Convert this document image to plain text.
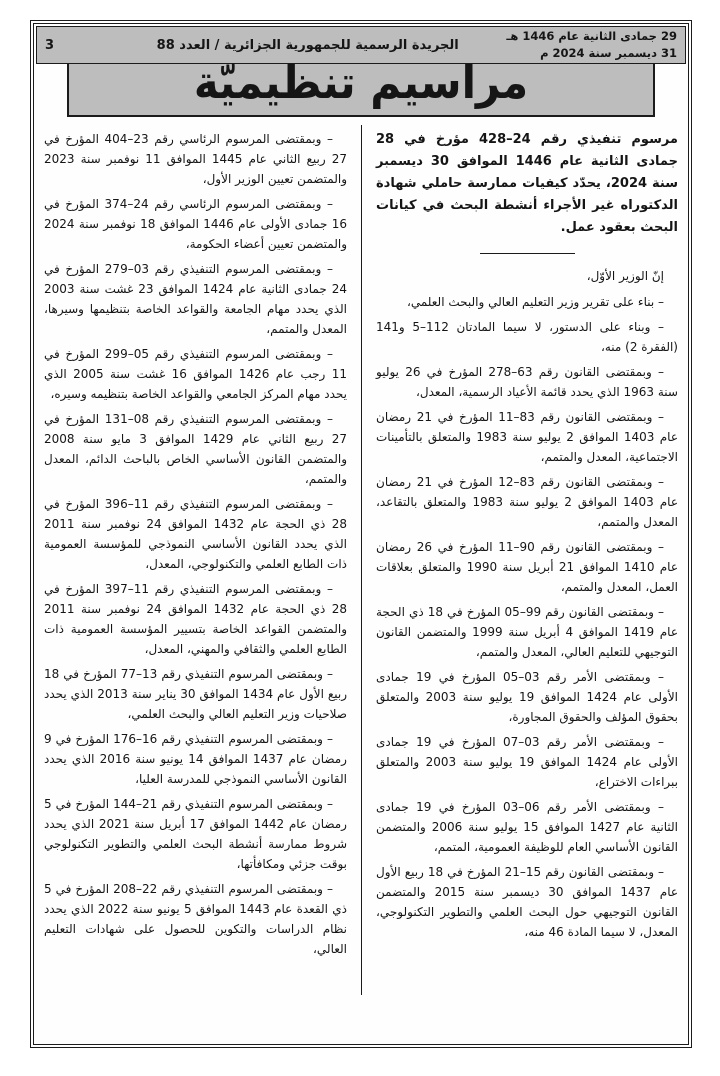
29 جمادى الثانية عام 1446 هـ
31 ديسمبر سنة 2024 م
الجريدة الرسمية للجمهورية الجزائرية / العدد 88
3
مراسيم تنظيميّة

مرسوم تنفيذي رقم 24–428 مؤرخ في 28 جمادى الثانية عام 1446 الموافق 30 ديسمبر سنة 2024، يحدّد كيفيات ممارسة حاملي شهادة الدكتوراه غير الأجراء أنشطة البحث في كيانات البحث بعقود عمل.

إنّ الوزير الأوّل،

– بناء على تقرير وزير التعليم العالي والبحث العلمي،

– وبناء على الدستور، لا سيما المادتان 112–5 و141 (الفقرة 2) منه،

– وبمقتضى القانون رقم 63–278 المؤرخ في 26 يوليو سنة 1963 الذي يحدد قائمة الأعياد الرسمية، المعدل،

– وبمقتضى القانون رقم 83–11 المؤرخ في 21 رمضان عام 1403 الموافق 2 يوليو سنة 1983 والمتعلق بالتأمينات الاجتماعية، المعدل والمتمم،

– وبمقتضى القانون رقم 83–12 المؤرخ في 21 رمضان عام 1403 الموافق 2 يوليو سنة 1983 والمتعلق بالتقاعد، المعدل والمتمم،

– وبمقتضى القانون رقم 90–11 المؤرخ في 26 رمضان عام 1410 الموافق 21 أبريل سنة 1990 والمتعلق بعلاقات العمل، المعدل والمتمم،

– وبمقتضى القانون رقم 99–05 المؤرخ في 18 ذي الحجة عام 1419 الموافق 4 أبريل سنة 1999 والمتضمن القانون التوجيهي للتعليم العالي، المعدل والمتمم،

– وبمقتضى الأمر رقم 03–05 المؤرخ في 19 جمادى الأولى عام 1424 الموافق 19 يوليو سنة 2003 والمتعلق بحقوق المؤلف والحقوق المجاورة،

– وبمقتضى الأمر رقم 03–07 المؤرخ في 19 جمادى الأولى عام 1424 الموافق 19 يوليو سنة 2003 والمتعلق ببراءات الاختراع،

– وبمقتضى الأمر رقم 06–03 المؤرخ في 19 جمادى الثانية عام 1427 الموافق 15 يوليو سنة 2006 والمتضمن القانون الأساسي العام للوظيفة العمومية، المتمم،

– وبمقتضى القانون رقم 15–21 المؤرخ في 18 ربيع الأول عام 1437 الموافق 30 ديسمبر سنة 2015 والمتضمن القانون التوجيهي حول البحث العلمي والتطوير التكنولوجي، المعدل، لا سيما المادة 46 منه،

– وبمقتضى المرسوم الرئاسي رقم 23–404 المؤرخ في 27 ربيع الثاني عام 1445 الموافق 11 نوفمبر سنة 2023 والمتضمن تعيين الوزير الأول،

– وبمقتضى المرسوم الرئاسي رقم 24–374 المؤرخ في 16 جمادى الأولى عام 1446 الموافق 18 نوفمبر سنة 2024 والمتضمن تعيين أعضاء الحكومة،

– وبمقتضى المرسوم التنفيذي رقم 03–279 المؤرخ في 24 جمادى الثانية عام 1424 الموافق 23 غشت سنة 2003 الذي يحدد مهام الجامعة والقواعد الخاصة بتنظيمها وسيرها، المعدل والمتمم،

– وبمقتضى المرسوم التنفيذي رقم 05–299 المؤرخ في 11 رجب عام 1426 الموافق 16 غشت سنة 2005 الذي يحدد مهام المركز الجامعي والقواعد الخاصة بتنظيمه وسيره،

– وبمقتضى المرسوم التنفيذي رقم 08–131 المؤرخ في 27 ربيع الثاني عام 1429 الموافق 3 مايو سنة 2008 والمتضمن القانون الأساسي الخاص بالباحث الدائم، المعدل والمتمم،

– وبمقتضى المرسوم التنفيذي رقم 11–396 المؤرخ في 28 ذي الحجة عام 1432 الموافق 24 نوفمبر سنة 2011 الذي يحدد القانون الأساسي النموذجي للمؤسسة العمومية ذات الطابع العلمي والتكنولوجي، المعدل،

– وبمقتضى المرسوم التنفيذي رقم 11–397 المؤرخ في 28 ذي الحجة عام 1432 الموافق 24 نوفمبر سنة 2011 والمتضمن القواعد الخاصة بتسيير المؤسسة العمومية ذات الطابع العلمي والثقافي والمهني، المعدل،

– وبمقتضى المرسوم التنفيذي رقم 13–77 المؤرخ في 18 ربيع الأول عام 1434 الموافق 30 يناير سنة 2013 الذي يحدد صلاحيات وزير التعليم العالي والبحث العلمي،

– وبمقتضى المرسوم التنفيذي رقم 16–176 المؤرخ في 9 رمضان عام 1437 الموافق 14 يونيو سنة 2016 الذي يحدد القانون الأساسي النموذجي للمدرسة العليا،

– وبمقتضى المرسوم التنفيذي رقم 21–144 المؤرخ في 5 رمضان عام 1442 الموافق 17 أبريل سنة 2021 الذي يحدد شروط ممارسة أنشطة البحث العلمي والتطوير التكنولوجي بوقت جزئي ومكافأتها،

– وبمقتضى المرسوم التنفيذي رقم 22–208 المؤرخ في 5 ذي القعدة عام 1443 الموافق 5 يونيو سنة 2022 الذي يحدد نظام الدراسات والتكوين للحصول على شهادات التعليم العالي،
